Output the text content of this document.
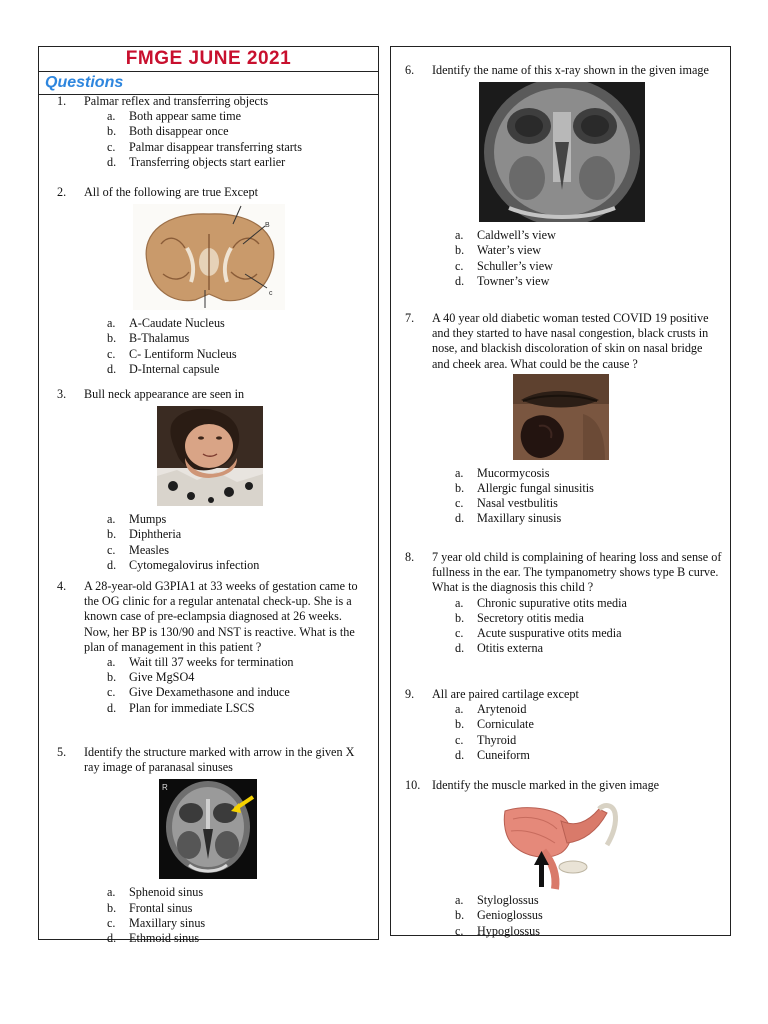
FMGE JUNE 2021
Questions
1.	Palmar reflex and transferring objects
a.	Both appear same time
b.	Both disappear once
c.	Palmar disappear transferring starts
d.	Transferring objects start earlier
2.	All of the following are true Except
B
c
a.	A-Caudate Nucleus
b.	B-Thalamus
c.	C- Lentiform Nucleus
d.	D-Internal capsule
3.	Bull neck appearance are seen in
a.	Mumps
b.	Diphtheria
c.	Measles
d.	Cytomegalovirus infection
4.	A 28-year-old G3PIA1 at 33 weeks of gestation came to the OG clinic for a regular antenatal check-up. She is a known case of pre-eclampsia diagnosed at 26 weeks. Now, her BP is 130/90 and NST is reactive. What is the plan of management in this patient ?
a.	Wait till 37 weeks for termination
b.	Give MgSO4
c.	Give Dexamethasone and induce
d.	Plan for immediate LSCS
5.	Identify the structure marked with arrow in the given X ray image of paranasal sinuses
R
a.	Sphenoid sinus
b.	Frontal sinus
c.	Maxillary sinus
d.	Ethmoid sinus
6.	Identify the name of this x-ray shown in the given image
a.	Caldwell’s view
b.	Water’s view
c.	Schuller’s view
d.	Towner’s view
7.	A 40 year old diabetic woman tested COVID 19 positive and they started to have nasal congestion, black crusts in nose, and blackish discoloration of skin on nasal bridge and cheek area. What could be the cause ?
a.	Mucormycosis
b.	Allergic fungal sinusitis
c.	Nasal vestbulitis
d.	Maxillary sinusis
8.	7 year old child is complaining of hearing loss and sense of fullness in the ear. The tympanometry shows type B curve. What is the diagnosis this child ?
a.	Chronic supurative otits media
b.	Secretory otitis media
c.	Acute suspurative otits media
d.	Otitis externa
9.	All are paired cartilage except
a.	Arytenoid
b.	Corniculate
c.	Thyroid
d.	Cuneiform
10. Identify the muscle marked in the given image
a.	Styloglossus
b.	Genioglossus
c.	Hypoglossus
